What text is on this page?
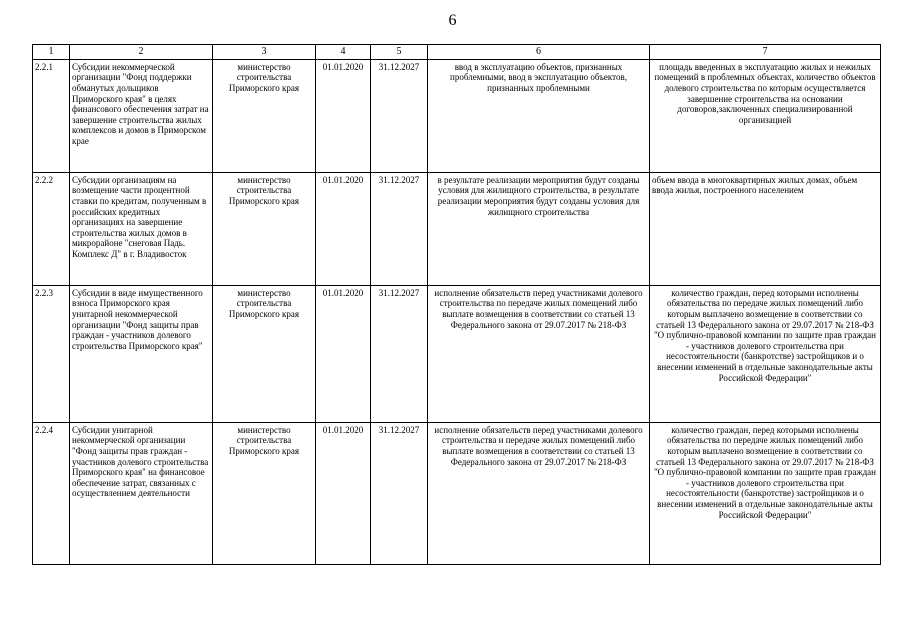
6
1	2	3	4	5	6	7
2.2.1	Субсидии некоммерческой организации "Фонд поддержки обманутых дольщиков Приморского края" в целях финансового обеспечения затрат на завершение строительства жилых комплексов и домов в Приморском крае	министерство строительства Приморского края	01.01.2020	31.12.2027	ввод в эксплуатацию объектов, признанных проблемными, ввод в эксплуатацию объектов, признанных проблемными	площадь введенных в эксплуатацию жилых и нежилых помещений в проблемных объектах, количество объектов долевого строительства по которым осуществляется завершение строительства на основании договоров,заключенных специализированной организацией
2.2.2	Субсидии организациям на возмещение части процентной ставки по кредитам, полученным в российских кредитных организациях на завершение строительства жилых домов в микрорайоне "снеговая Падь. Комплекс Д" в г. Владивосток	министерство строительства Приморского края	01.01.2020	31.12.2027	в результате реализации мероприятия будут созданы условия для жилищного строительства, в результате реализации мероприятия будут созданы условия для жилищного строительства	объем ввода в многоквартирных жилых домах, объем ввода жилья, построенного населением
2.2.3	Субсидии в виде имущественного взноса Приморского края унитарной некоммерческой организации "Фонд защиты прав граждан - участников долевого строительства Приморского края"	министерство строительства Приморского края	01.01.2020	31.12.2027	исполнение обязательств перед участниками долевого строительства по передаче жилых помещений либо выплате возмещения в соответствии со статьей 13 Федерального закона от 29.07.2017 № 218-ФЗ	количество граждан, перед которыми исполнены обязательства по передаче жилых помещений либо которым выплачено возмещение в соответствии со статьей 13 Федерального закона от 29.07.2017 № 218-ФЗ "О публично-правовой компании по защите прав граждан - участников долевого строительства при несостоятельности (банкротстве) застройщиков и о внесении изменений в отдельные законодательные акты Российской Федерации"
2.2.4	Субсидии унитарной некоммерческой организации "Фонд защиты прав граждан - участников долевого строительства Приморского края" на финансовое обеспечение затрат, связанных с осуществлением деятельности	министерство строительства Приморского края	01.01.2020	31.12.2027	исполнение обязательств перед участниками долевого строительства и передаче жилых помещений либо выплате возмещения в соответствии со статьей 13 Федерального закона от 29.07.2017 № 218-ФЗ	количество граждан, перед которыми исполнены обязательства по передаче жилых помещений либо которым выплачено возмещение в соответствии со статьей 13 Федерального закона от 29.07.2017 № 218-ФЗ "О публично-правовой компании по защите прав граждан - участников долевого строительства при несостоятельности (банкротстве) застройщиков и о внесении изменений в отдельные законодательные акты Российской Федерации"
